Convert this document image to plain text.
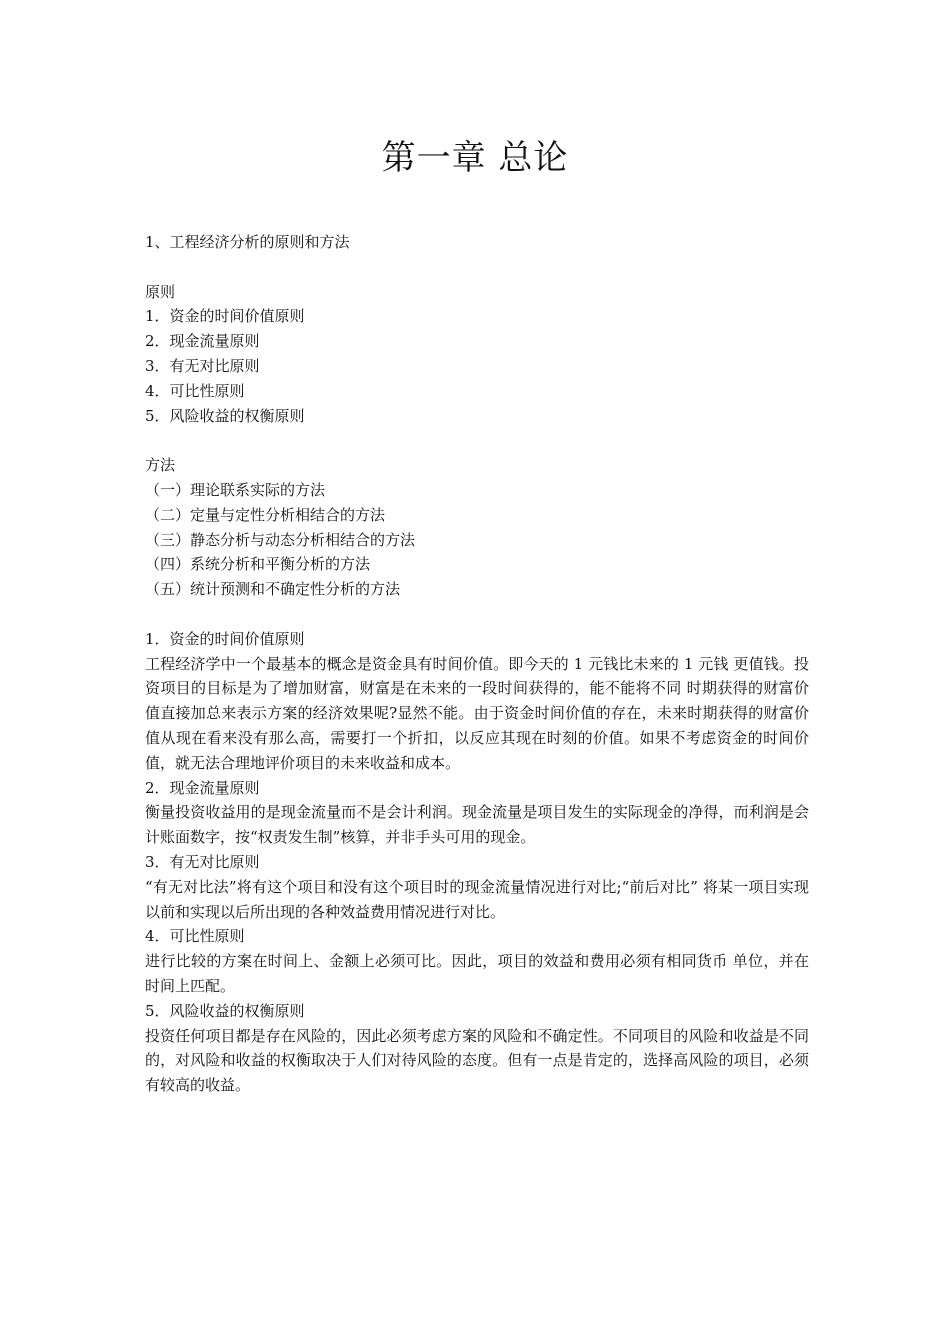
第一章 总论
1、工程经济分析的原则和方法
原则
1．资金的时间价值原则
2．现金流量原则
3．有无对比原则
4．可比性原则
5．风险收益的权衡原则
方法
（一）理论联系实际的方法
（二）定量与定性分析相结合的方法
（三）静态分析与动态分析相结合的方法
（四）系统分析和平衡分析的方法
（五）统计预测和不确定性分析的方法
1．资金的时间价值原则
工程经济学中一个最基本的概念是资金具有时间价值。即今天的 1 元钱比未来的 1 元钱 更值钱。投资项目的目标是为了增加财富，财富是在未来的一段时间获得的，能不能将不同 时期获得的财富价值直接加总来表示方案的经济效果呢?显然不能。由于资金时间价值的存在，未来时期获得的财富价值从现在看来没有那么高，需要打一个折扣，以反应其现在时刻的价值。如果不考虑资金的时间价值，就无法合理地评价项目的未来收益和成本。
2．现金流量原则
衡量投资收益用的是现金流量而不是会计利润。现金流量是项目发生的实际现金的净得，而利润是会计账面数字，按“权责发生制”核算，并非手头可用的现金。
3．有无对比原则
“有无对比法”将有这个项目和没有这个项目时的现金流量情况进行对比;“前后对比” 将某一项目实现以前和实现以后所出现的各种效益费用情况进行对比。
4．可比性原则
进行比较的方案在时间上、金额上必须可比。因此，项目的效益和费用必须有相同货币 单位，并在时间上匹配。
5．风险收益的权衡原则
投资任何项目都是存在风险的，因此必须考虑方案的风险和不确定性。不同项目的风险和收益是不同的，对风险和收益的权衡取决于人们对待风险的态度。但有一点是肯定的，选择高风险的项目，必须有较高的收益。
